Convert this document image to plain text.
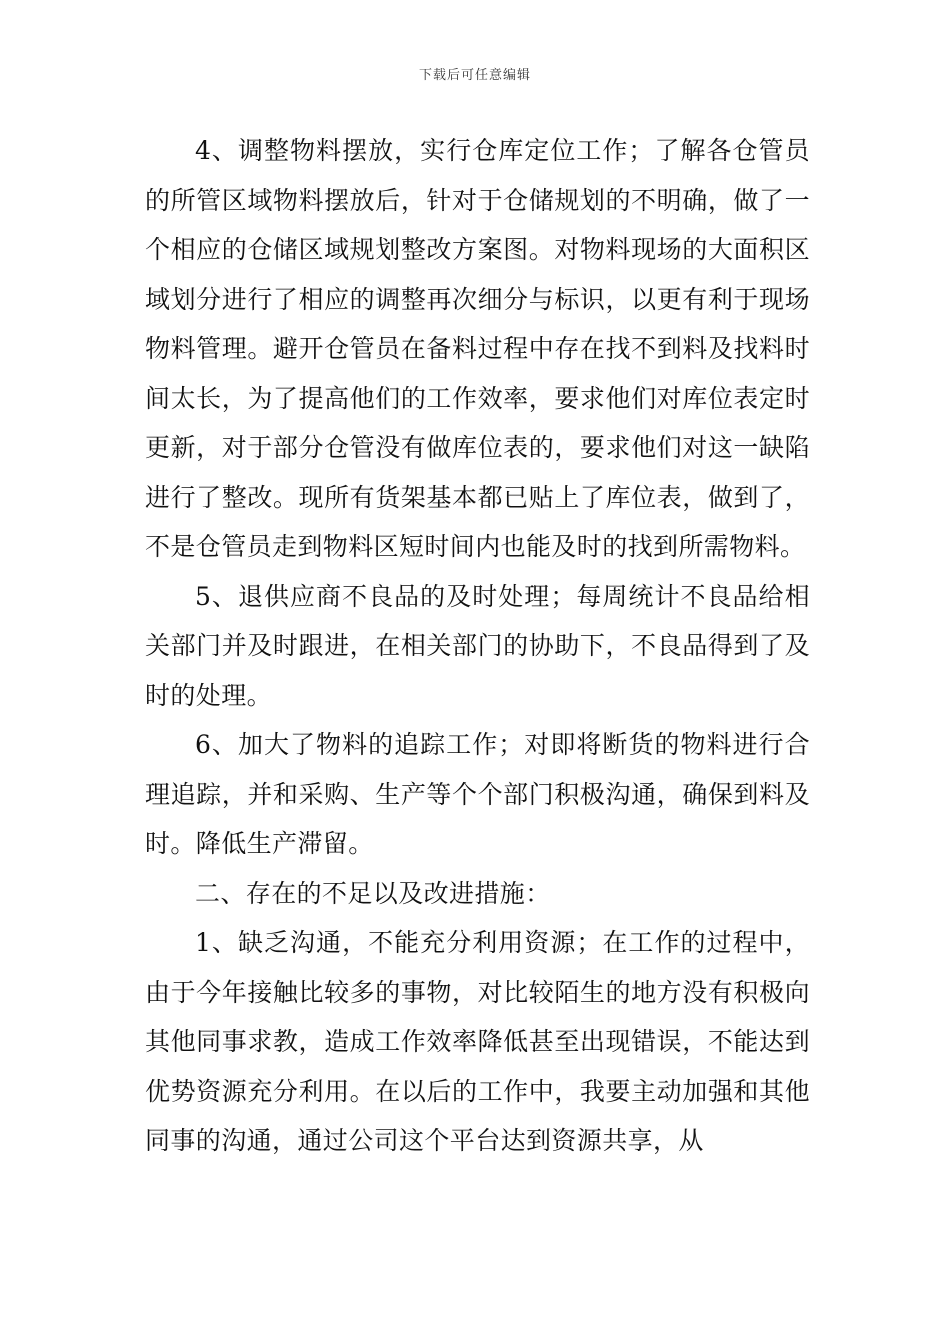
下载后可任意编辑

4、调整物料摆放，实行仓库定位工作；了解各仓管员的所管区域物料摆放后，针对于仓储规划的不明确，做了一个相应的仓储区域规划整改方案图。对物料现场的大面积区域划分进行了相应的调整再次细分与标识，以更有利于现场物料管理。避开仓管员在备料过程中存在找不到料及找料时间太长，为了提高他们的工作效率，要求他们对库位表定时更新，对于部分仓管没有做库位表的，要求他们对这一缺陷进行了整改。现所有货架基本都已贴上了库位表，做到了，不是仓管员走到物料区短时间内也能及时的找到所需物料。

5、退供应商不良品的及时处理；每周统计不良品给相关部门并及时跟进，在相关部门的协助下，不良品得到了及时的处理。

6、加大了物料的追踪工作；对即将断货的物料进行合理追踪，并和采购、生产等个个部门积极沟通，确保到料及时。降低生产滞留。

二、存在的不足以及改进措施：

1、缺乏沟通，不能充分利用资源；在工作的过程中，由于今年接触比较多的事物，对比较陌生的地方没有积极向其他同事求教，造成工作效率降低甚至出现错误，不能达到优势资源充分利用。在以后的工作中，我要主动加强和其他同事的沟通，通过公司这个平台达到资源共享，从
